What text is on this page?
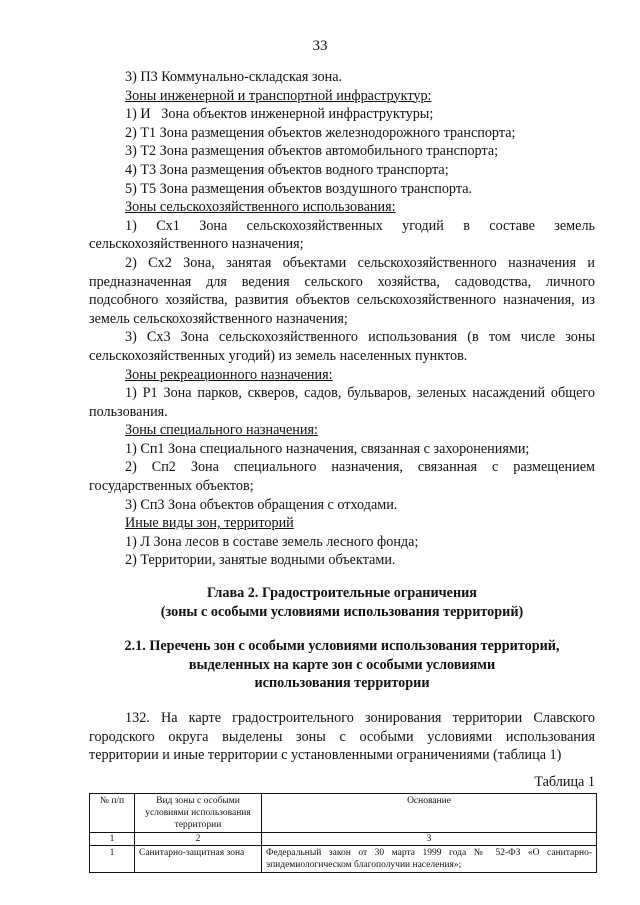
33
3) П3 Коммунально-складская зона.
Зоны инженерной и транспортной инфраструктур:
1) И   Зона объектов инженерной инфраструктуры;
2) Т1 Зона размещения объектов железнодорожного транспорта;
3) Т2 Зона размещения объектов автомобильного транспорта;
4) Т3 Зона размещения объектов водного транспорта;
5) Т5 Зона размещения объектов воздушного транспорта.
Зоны сельскохозяйственного использования:
1) Сх1 Зона сельскохозяйственных угодий в составе земель сельскохозяйственного назначения;
2) Сх2 Зона, занятая объектами сельскохозяйственного назначения и предназначенная для ведения сельского хозяйства, садоводства, личного подсобного хозяйства, развития объектов сельскохозяйственного назначения, из земель сельскохозяйственного назначения;
3) Сх3 Зона сельскохозяйственного использования (в том числе зоны сельскохозяйственных угодий) из земель населенных пунктов.
Зоны рекреационного назначения:
1) Р1 Зона парков, скверов, садов, бульваров, зеленых насаждений общего пользования.
Зоны специального назначения:
1) Сп1 Зона специального назначения, связанная с захоронениями;
2) Сп2 Зона специального назначения, связанная с размещением государственных объектов;
3) Сп3 Зона объектов обращения с отходами.
Иные виды зон, территорий
1) Л Зона лесов в составе земель лесного фонда;
2) Территории, занятые водными объектами.
Глава 2. Градостроительные ограничения
(зоны с особыми условиями использования территорий)
2.1. Перечень зон с особыми условиями использования территорий,
выделенных на карте зон с особыми условиями
использования территории
132. На карте градостроительного зонирования территории Славского городского округа выделены зоны с особыми условиями использования территории и иные территории с установленными ограничениями (таблица 1)
Таблица 1
№ п/п	Вид зоны с особыми условиями использования территории	Основание
1	2	3
1	Санитарно-защитная зона	Федеральный закон от 30 марта 1999 года № 52-ФЗ «О санитарно-эпидемиологическом благополучии населения»;
